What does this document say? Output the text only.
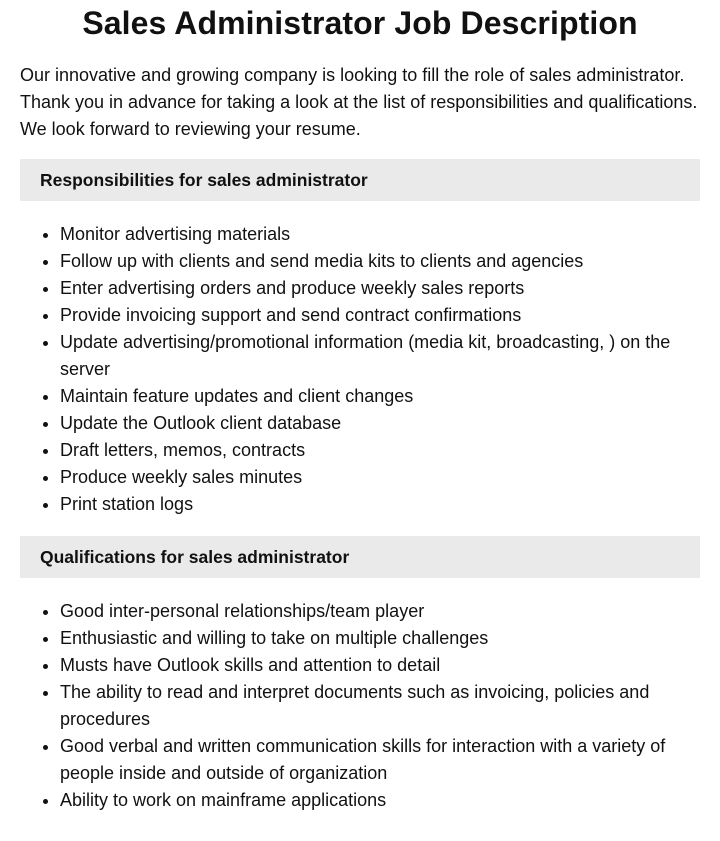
Sales Administrator Job Description

Our innovative and growing company is looking to fill the role of sales administrator. Thank you in advance for taking a look at the list of responsibilities and qualifications. We look forward to reviewing your resume.

Responsibilities for sales administrator
• Monitor advertising materials
• Follow up with clients and send media kits to clients and agencies
• Enter advertising orders and produce weekly sales reports
• Provide invoicing support and send contract confirmations
• Update advertising/promotional information (media kit, broadcasting, ) on the server
• Maintain feature updates and client changes
• Update the Outlook client database
• Draft letters, memos, contracts
• Produce weekly sales minutes
• Print station logs
Qualifications for sales administrator
• Good inter-personal relationships/team player
• Enthusiastic and willing to take on multiple challenges
• Musts have Outlook skills and attention to detail
• The ability to read and interpret documents such as invoicing, policies and procedures
• Good verbal and written communication skills for interaction with a variety of people inside and outside of organization
• Ability to work on mainframe applications
